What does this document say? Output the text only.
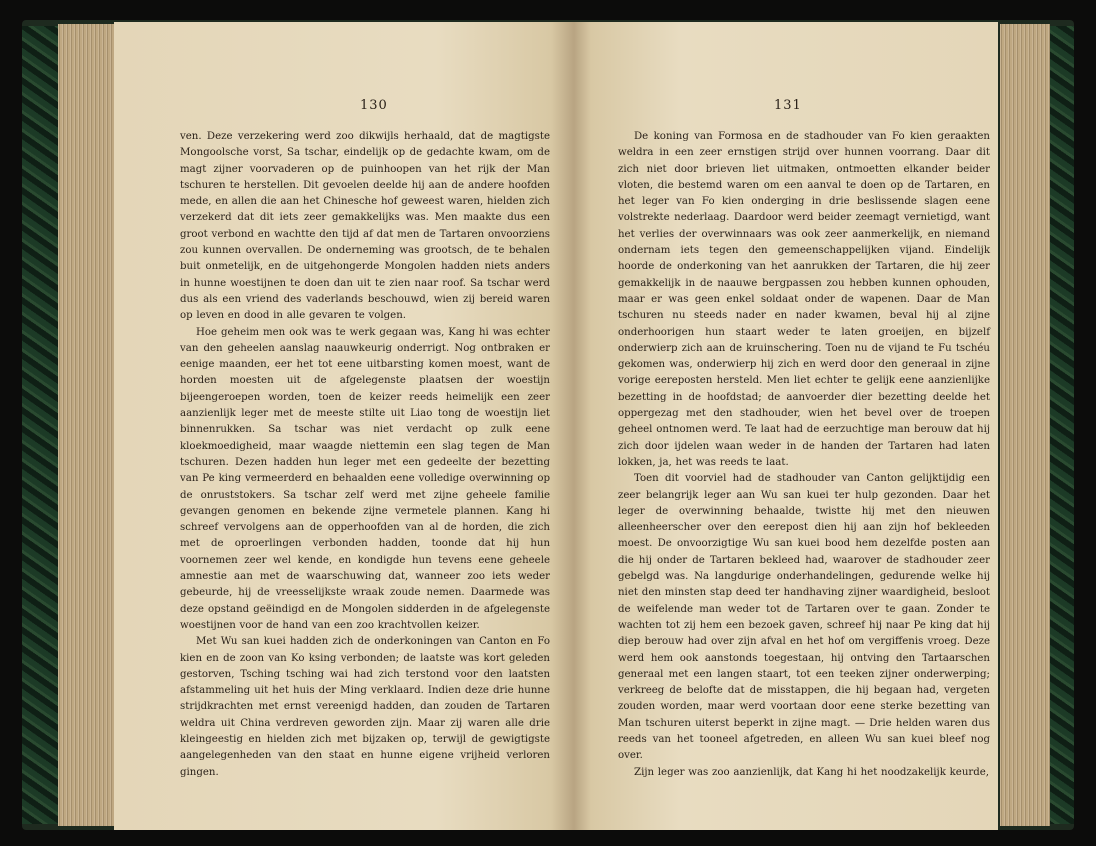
130

ven. Deze verzekering werd zoo dikwijls herhaald, dat de magtigste Mongoolsche vorst, Sa tschar, eindelijk op de gedachte kwam, om de magt zijner voorvaderen op de puinhoopen van het rijk der Man tschuren te herstellen. Dit gevoelen deelde hij aan de andere hoofden mede, en allen die aan het Chinesche hof geweest waren, hielden zich verzekerd dat dit iets zeer gemakkelijks was. Men maakte dus een groot verbond en wachtte den tijd af dat men de Tartaren onvoorziens zou kunnen overvallen. De onderneming was grootsch, de te behalen buit onmetelijk, en de uitgehongerde Mongolen hadden niets anders in hunne woestijnen te doen dan uit te zien naar roof. Sa tschar werd dus als een vriend des vaderlands beschouwd, wien zij bereid waren op leven en dood in alle gevaren te volgen.

Hoe geheim men ook was te werk gegaan was, Kang hi was echter van den geheelen aanslag naauwkeurig onderrigt. Nog ontbraken er eenige maanden, eer het tot eene uitbarsting komen moest, want de horden moesten uit de afgelegenste plaatsen der woestijn bijeengeroepen worden, toen de keizer reeds heimelijk een zeer aanzienlijk leger met de meeste stilte uit Liao tong de woestijn liet binnenrukken. Sa tschar was niet verdacht op zulk eene kloekmoedigheid, maar waagde niettemin een slag tegen de Man tschuren. Dezen hadden hun leger met een gedeelte der bezetting van Pe king vermeerderd en behaalden eene volledige overwinning op de onruststokers. Sa tschar zelf werd met zijne geheele familie gevangen genomen en bekende zijne vermetele plannen. Kang hi schreef vervolgens aan de opperhoofden van al de horden, die zich met de oproerlingen verbonden hadden, toonde dat hij hun voornemen zeer wel kende, en kondigde hun tevens eene geheele amnestie aan met de waarschuwing dat, wanneer zoo iets weder gebeurde, hij de vreesselijkste wraak zoude nemen. Daarmede was deze opstand geëindigd en de Mongolen sidderden in de afgelegenste woestijnen voor de hand van een zoo krachtvollen keizer.

Met Wu san kuei hadden zich de onderkoningen van Canton en Fo kien en de zoon van Ko ksing verbonden; de laatste was kort geleden gestorven, Tsching tsching wai had zich terstond voor den laatsten afstammeling uit het huis der Ming verklaard. Indien deze drie hunne strijdkrachten met ernst vereenigd hadden, dan zouden de Tartaren weldra uit China verdreven geworden zijn. Maar zij waren alle drie kleingeestig en hielden zich met bijzaken op, terwijl de gewigtigste aangelegenheden van den staat en hunne eigene vrijheid verloren gingen.

131

De koning van Formosa en de stadhouder van Fo kien geraakten weldra in een zeer ernstigen strijd over hunnen voorrang. Daar dit zich niet door brieven liet uitmaken, ontmoetten elkander beider vloten, die bestemd waren om een aanval te doen op de Tartaren, en het leger van Fo kien onderging in drie beslissende slagen eene volstrekte nederlaag. Daardoor werd beider zeemagt vernietigd, want het verlies der overwinnaars was ook zeer aanmerkelijk, en niemand ondernam iets tegen den gemeenschappelijken vijand. Eindelijk hoorde de onderkoning van het aanrukken der Tartaren, die hij zeer gemakkelijk in de naauwe bergpassen zou hebben kunnen ophouden, maar er was geen enkel soldaat onder de wapenen. Daar de Man tschuren nu steeds nader en nader kwamen, beval hij al zijne onderhoorigen hun staart weder te laten groeijen, en bijzelf onderwierp zich aan de kruinschering. Toen nu de vijand te Fu tschéu gekomen was, onderwierp hij zich en werd door den generaal in zijne vorige eereposten hersteld. Men liet echter te gelijk eene aanzienlijke bezetting in de hoofdstad; de aanvoerder dier bezetting deelde het oppergezag met den stadhouder, wien het bevel over de troepen geheel ontnomen werd. Te laat had de eerzuchtige man berouw dat hij zich door ijdelen waan weder in de handen der Tartaren had laten lokken, ja, het was reeds te laat.

Toen dit voorviel had de stadhouder van Canton gelijktijdig een zeer belangrijk leger aan Wu san kuei ter hulp gezonden. Daar het leger de overwinning behaalde, twistte hij met den nieuwen alleenheerscher over den eerepost dien hij aan zijn hof bekleeden moest. De onvoorzigtige Wu san kuei bood hem dezelfde posten aan die hij onder de Tartaren bekleed had, waarover de stadhouder zeer gebelgd was. Na langdurige onderhandelingen, gedurende welke hij niet den minsten stap deed ter handhaving zijner waardigheid, besloot de weifelende man weder tot de Tartaren over te gaan. Zonder te wachten tot zij hem een bezoek gaven, schreef hij naar Pe king dat hij diep berouw had over zijn afval en het hof om vergiffenis vroeg. Deze werd hem ook aanstonds toegestaan, hij ontving den Tartaarschen generaal met een langen staart, tot een teeken zijner onderwerping; verkreeg de belofte dat de misstappen, die hij begaan had, vergeten zouden worden, maar werd voortaan door eene sterke bezetting van Man tschuren uiterst beperkt in zijne magt. — Drie helden waren dus reeds van het tooneel afgetreden, en alleen Wu san kuei bleef nog over.

Zijn leger was zoo aanzienlijk, dat Kang hi het noodzakelijk keurde,
